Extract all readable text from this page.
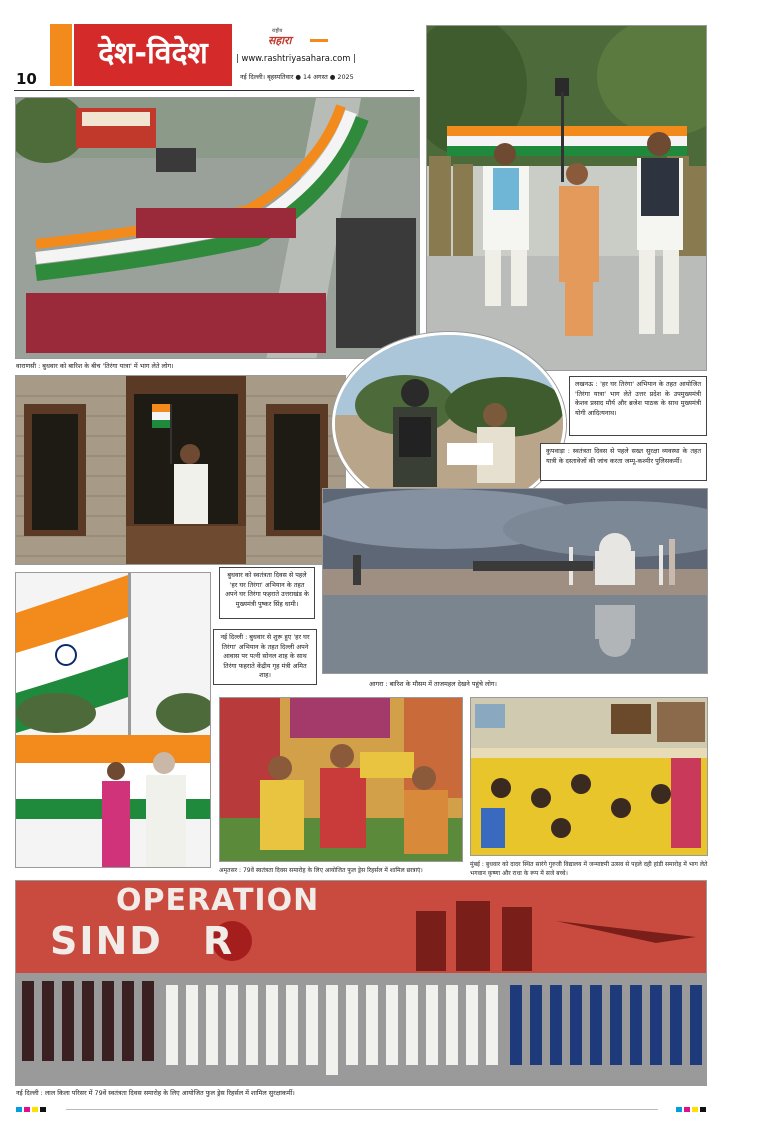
10
देश-विदेश
राष्ट्रीय
सहारा
| www.rashtriyasahara.com |
नई दिल्ली। बृहस्पतिवार ● 14 अगस्त ● 2025
वाराणसी : बुधवार को बारिश के बीच 'तिरंगा यात्रा' में भाग लेते लोग।
लखनऊ : 'हर घर तिरंगा' अभियान के तहत आयोजित 'तिरंगा यात्रा' भाग लेते उत्तर प्रदेश के उपमुख्यमंत्री केशव प्रसाद मौर्य और ब्रजेश पाठक के साथ मुख्यमंत्री योगी आदित्यनाथ।
कुपवाड़ा : स्वतंत्रता दिवस से पहले सख्त सुरक्षा व्यवस्था के तहत यात्री के दस्तावेजों की जांच करता जम्मू-कश्मीर पुलिसकर्मी।
बुधवार को स्वतंत्रता दिवस से पहले 'हर घर तिरंगा' अभियान के तहत अपने घर तिरंगा फहराते उत्तराखंड के मुख्यमंत्री पुष्कर सिंह धामी।
नई दिल्ली : बुधवार से शुरू हुए 'हर घर तिरंगा' अभियान के तहत दिल्ली अपने आवास पर पत्नी सोनल शाह के साथ तिरंगा फहराते केंद्रीय गृह मंत्री अमित शाह।
आगरा : बारिश के मौसम में ताजमहल देखने पहुंचे लोग।
अमृतसर : 79वें स्वतंत्रता दिवस समारोह के लिए आयोजित फुल ड्रेस रिहर्सल में शामिल छात्राएं।
मुंबई : बुधवार को दादर स्थित सारंगे गुरुजी विद्यालय में जन्माष्टमी उत्सव से पहले दही हांडी समारोह में भाग लेते भगवान कृष्णा और राधा के रूप में सजे बच्चे।
OPERATION
SIND R
नई दिल्ली : लाल किला परिसर में 79वें स्वतंत्रता दिवस समारोह के लिए आयोजित फुल ड्रेस रिहर्सल में शामिल सुरक्षाकर्मी।
